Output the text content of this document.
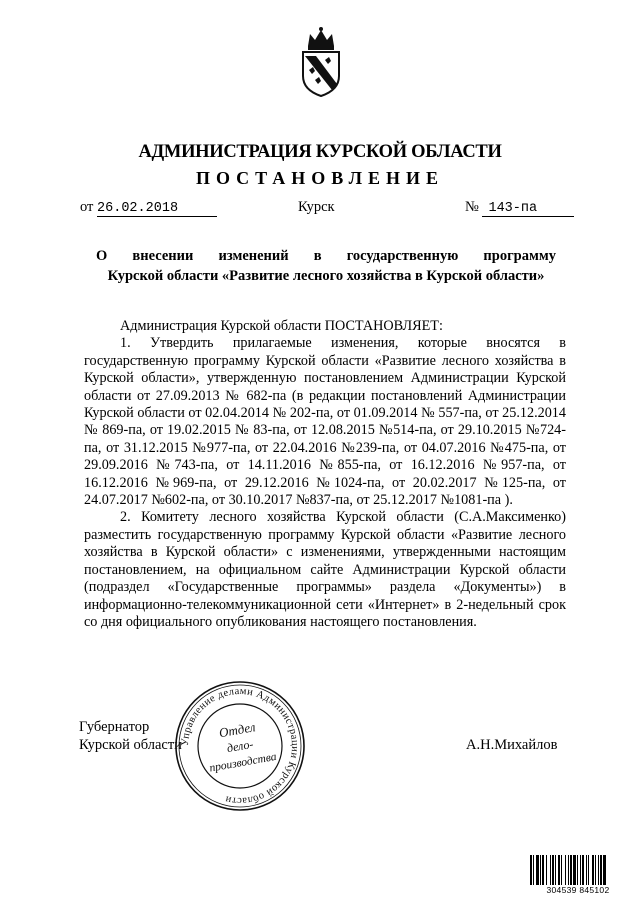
АДМИНИСТРАЦИЯ КУРСКОЙ ОБЛАСТИ
ПОСТАНОВЛЕНИЕ
от 26.02.2018	Курск	№ 143-па
О внесении изменений в государственную программу
Курской области «Развитие лесного хозяйства в Курской области»

Администрация Курской области ПОСТАНОВЛЯЕТ:

1. Утвердить прилагаемые изменения, которые вносятся в государственную программу Курской области «Развитие лесного хозяйства в Курской области», утвержденную постановлением Администрации Курской области от 27.09.2013 № 682-па (в редакции постановлений Администрации Курской области от 02.04.2014 № 202-па, от 01.09.2014 № 557-па, от 25.12.2014 № 869-па, от 19.02.2015 № 83-па, от 12.08.2015 №514-па, от 29.10.2015 №724-па, от 31.12.2015 №977-па, от 22.04.2016 №239-па, от 04.07.2016 №475-па, от 29.09.2016 №743-па, от 14.11.2016 №855-па, от 16.12.2016 №957-па, от 16.12.2016 №969-па, от 29.12.2016 №1024-па, от 20.02.2017 №125-па, от 24.07.2017 №602-па, от 30.10.2017 №837-па, от 25.12.2017 №1081-па ).

2. Комитету лесного хозяйства Курской области (С.А.Максименко) разместить государственную программу Курской области «Развитие лесного хозяйства в Курской области» с изменениями, утвержденными настоящим постановлением, на официальном сайте Администрации Курской области (подраздел «Государственные программы» раздела «Документы») в информационно-телекоммуникационной сети «Интернет» в 2-недельный срок со дня официального опубликования настоящего постановления.

Губернатор
Курской области	А.Н.Михайлов
Управление делами Администрации Курской области
Отдел
дело-
производства
304539 845102
